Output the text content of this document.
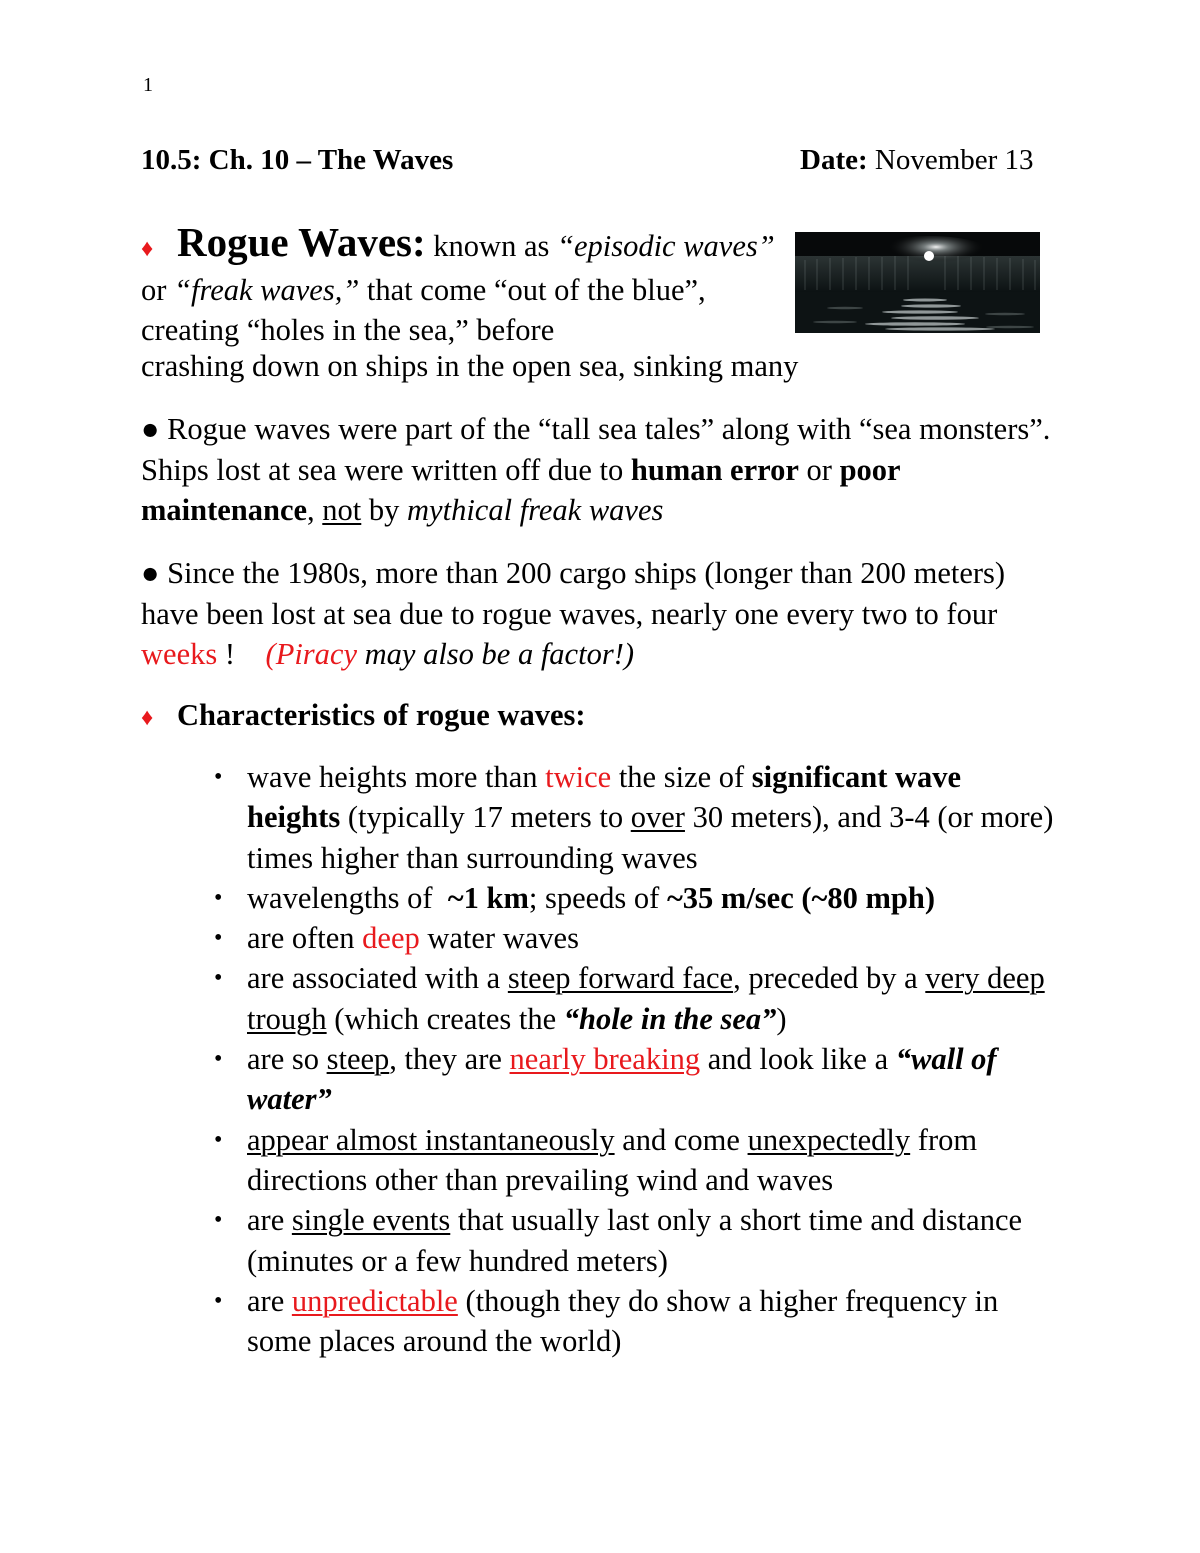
1
10.5: Ch. 10 – The Waves	Date: November 13
♦ Rogue Waves: known as “episodic waves” or “freak waves,” that come “out of the blue”, creating “holes in the sea,” before
crashing down on ships in the open sea, sinking many
● Rogue waves were part of the “tall sea tales” along with “sea monsters”. Ships lost at sea were written off due to human error or poor maintenance, not by mythical freak waves
● Since the 1980s, more than 200 cargo ships (longer than 200 meters) have been lost at sea due to rogue waves, nearly one every two to four weeks !    (Piracy may also be a factor!)
♦ Characteristics of rogue waves:
• wave heights more than twice the size of significant wave heights (typically 17 meters to over 30 meters), and 3-4 (or more) times higher than surrounding waves
• wavelengths of  ~1 km; speeds of ~35 m/sec (~80 mph)
• are often deep water waves
• are associated with a steep forward face, preceded by a very deep trough (which creates the “hole in the sea”)
• are so steep, they are nearly breaking and look like a “wall of water”
• appear almost instantaneously and come unexpectedly from directions other than prevailing wind and waves
• are single events that usually last only a short time and distance (minutes or a few hundred meters)
• are unpredictable (though they do show a higher frequency in some places around the world)
